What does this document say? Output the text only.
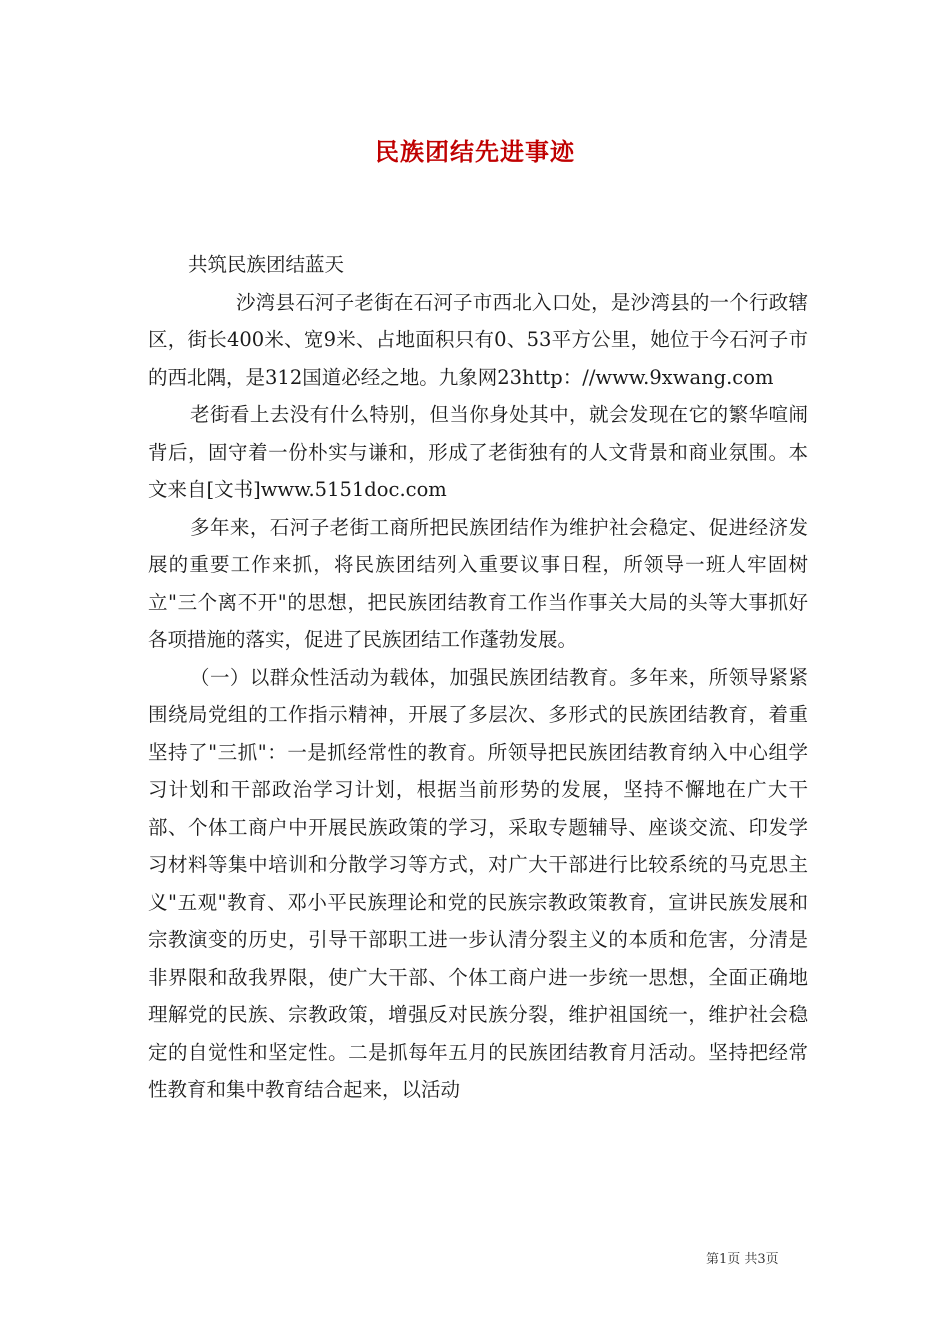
民族团结先进事迹

共筑民族团结蓝天

沙湾县石河子老街在石河子市西北入口处，是沙湾县的一个行政辖区，街长400米、宽9米、占地面积只有0、53平方公里，她位于今石河子市的西北隅，是312国道必经之地。九象网23http：//www.9xwang.com

老街看上去没有什么特别，但当你身处其中，就会发现在它的繁华喧闹背后，固守着一份朴实与谦和，形成了老街独有的人文背景和商业氛围。本文来自[文书]www.5151doc.com

多年来，石河子老街工商所把民族团结作为维护社会稳定、促进经济发展的重要工作来抓，将民族团结列入重要议事日程，所领导一班人牢固树立"三个离不开"的思想，把民族团结教育工作当作事关大局的头等大事抓好各项措施的落实，促进了民族团结工作蓬勃发展。

（一）以群众性活动为载体，加强民族团结教育。多年来，所领导紧紧围绕局党组的工作指示精神，开展了多层次、多形式的民族团结教育，着重坚持了"三抓"：一是抓经常性的教育。所领导把民族团结教育纳入中心组学习计划和干部政治学习计划，根据当前形势的发展，坚持不懈地在广大干部、个体工商户中开展民族政策的学习，采取专题辅导、座谈交流、印发学习材料等集中培训和分散学习等方式，对广大干部进行比较系统的马克思主义"五观"教育、邓小平民族理论和党的民族宗教政策教育，宣讲民族发展和宗教演变的历史，引导干部职工进一步认清分裂主义的本质和危害，分清是非界限和敌我界限，使广大干部、个体工商户进一步统一思想，全面正确地理解党的民族、宗教政策，增强反对民族分裂，维护祖国统一，维护社会稳定的自觉性和坚定性。二是抓每年五月的民族团结教育月活动。坚持把经常性教育和集中教育结合起来，以活动

第1页 共3页
